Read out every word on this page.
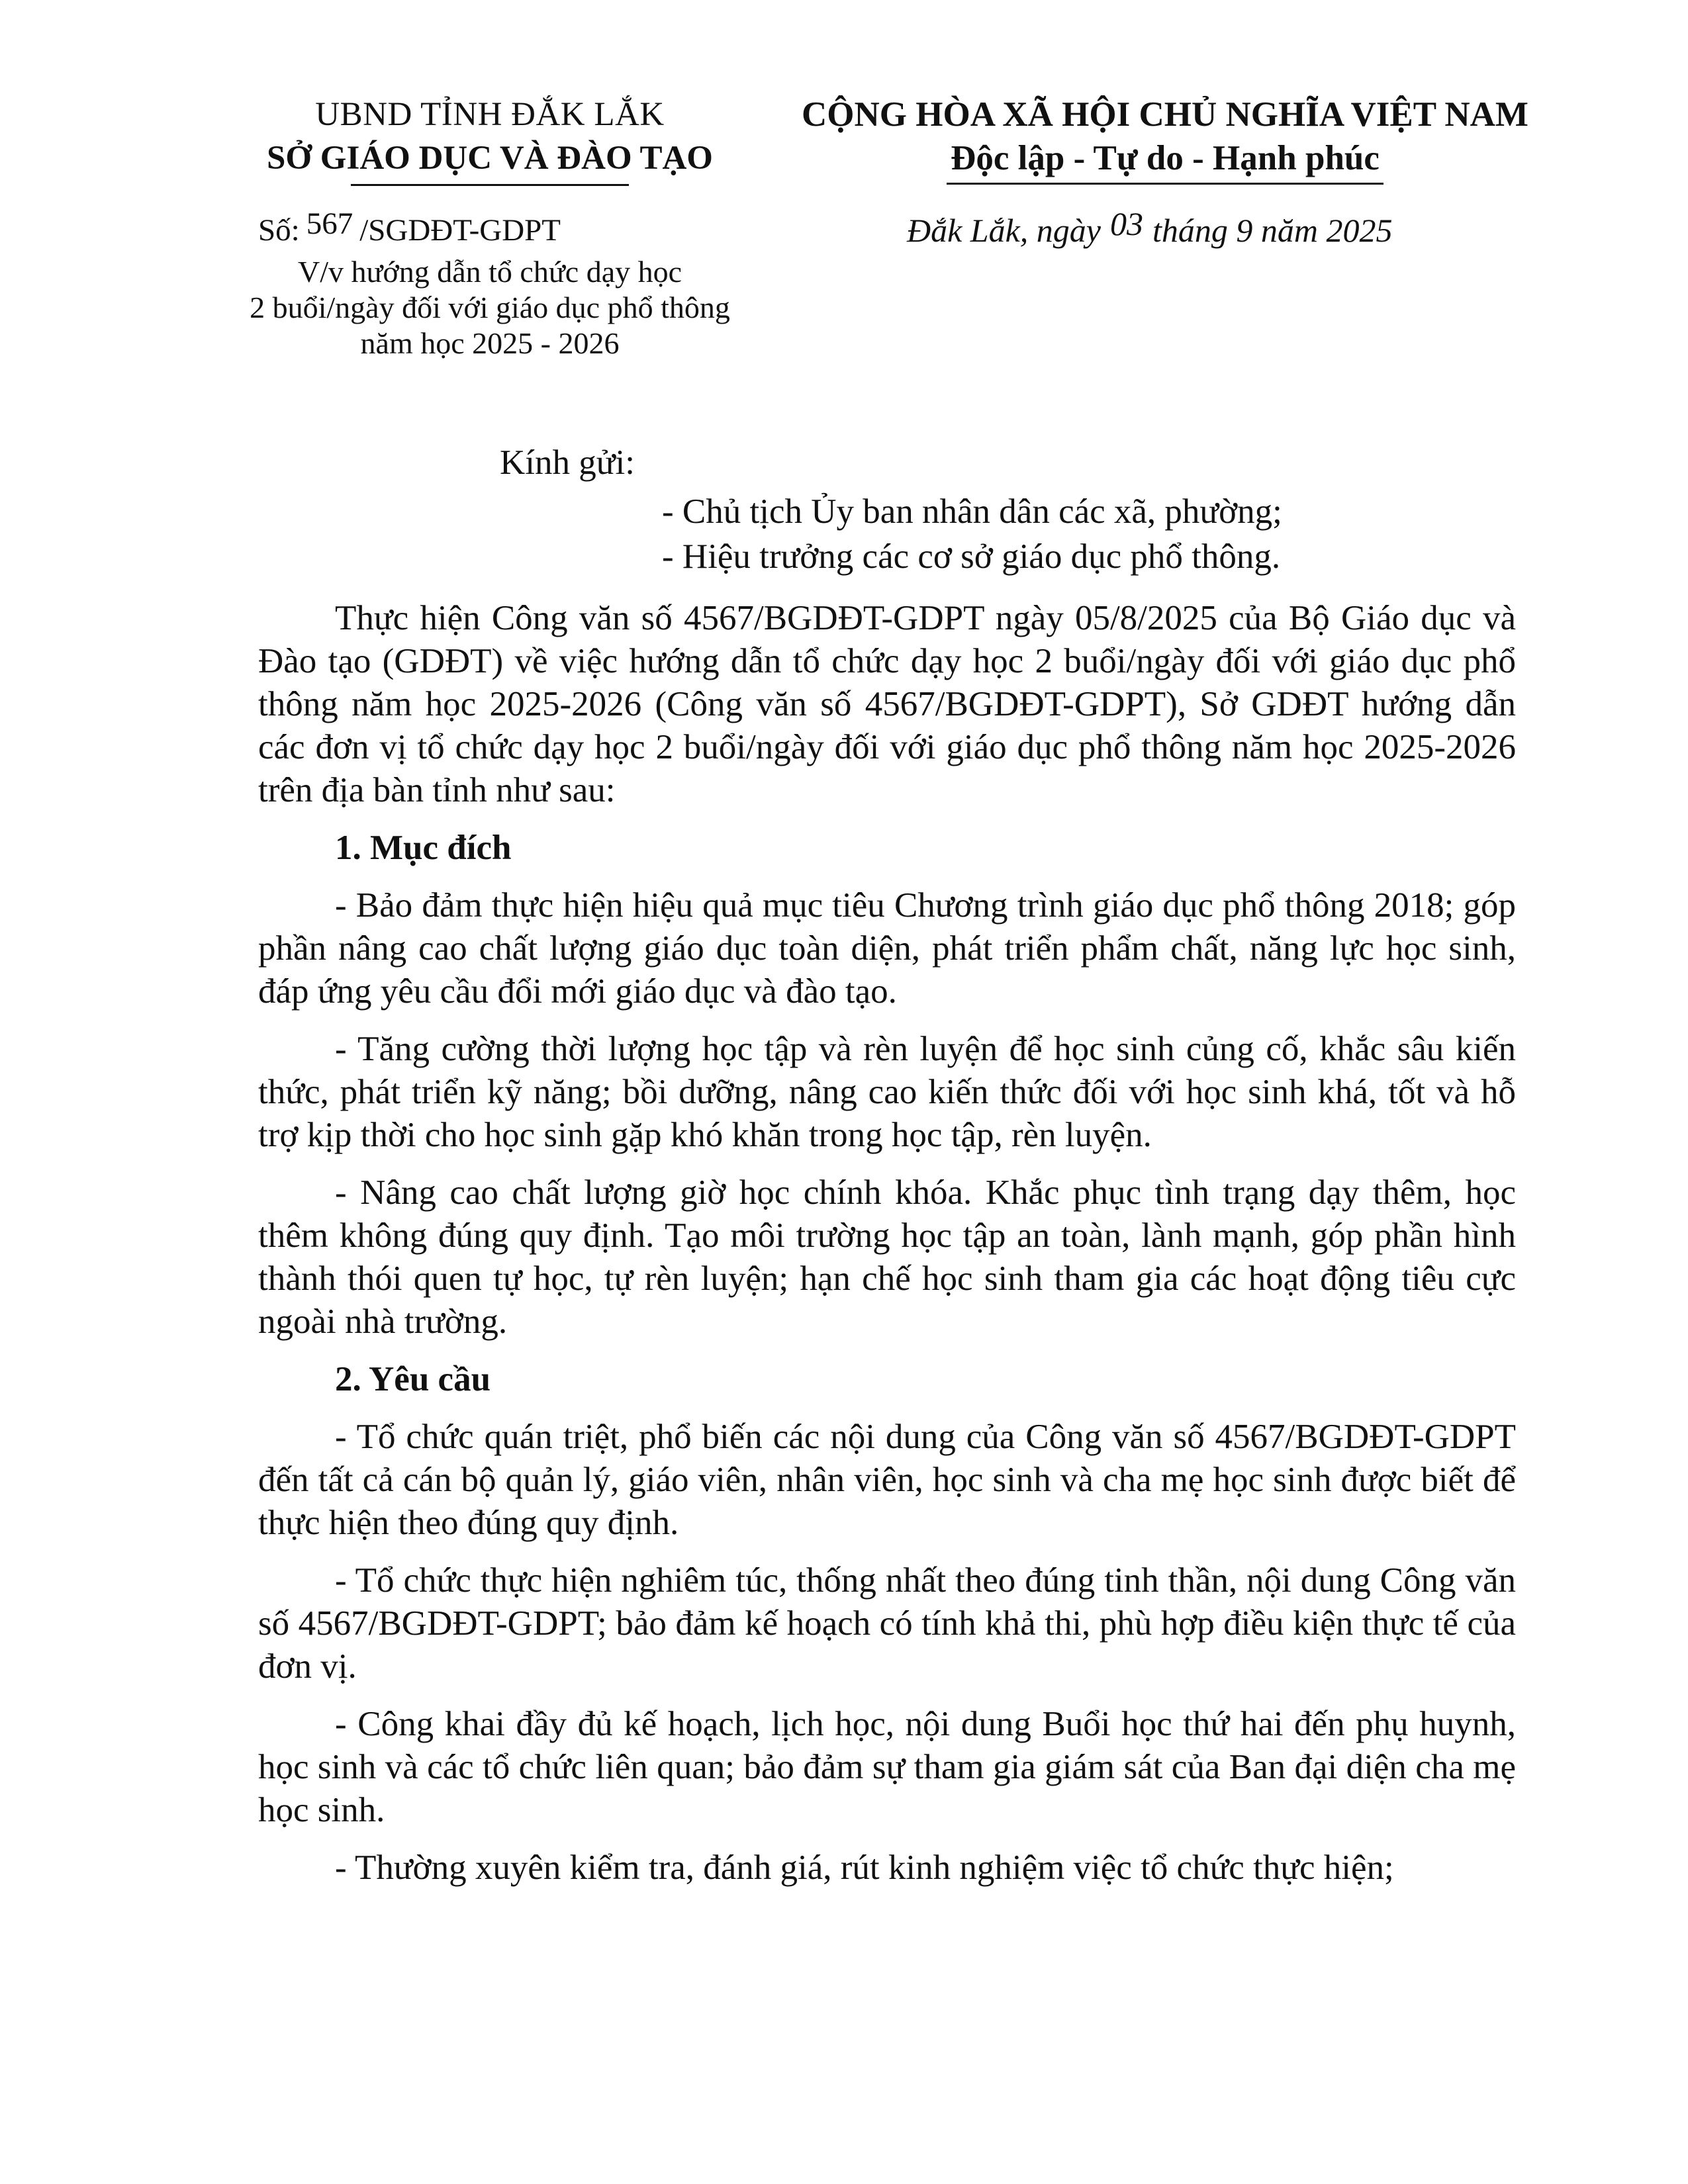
UBND TỈNH ĐẮK LẮK
SỞ GIÁO DỤC VÀ ĐÀO TẠO
Số: 567 /SGDĐT-GDPT
V/v hướng dẫn tổ chức dạy học
2 buổi/ngày đối với giáo dục phổ thông
năm học 2025 - 2026
CỘNG HÒA XÃ HỘI CHỦ NGHĨA VIỆT NAM
Độc lập - Tự do - Hạnh phúc
Đắk Lắk, ngày 03 tháng 9 năm 2025
Kính gửi:
- Chủ tịch Ủy ban nhân dân các xã, phường;
- Hiệu trưởng các cơ sở giáo dục phổ thông.

Thực hiện Công văn số 4567/BGDĐT-GDPT ngày 05/8/2025 của Bộ Giáo dục và Đào tạo (GDĐT) về việc hướng dẫn tổ chức dạy học 2 buổi/ngày đối với giáo dục phổ thông năm học 2025-2026 (Công văn số 4567/BGDĐT-GDPT), Sở GDĐT hướng dẫn các đơn vị tổ chức dạy học 2 buổi/ngày đối với giáo dục phổ thông năm học 2025-2026 trên địa bàn tỉnh như sau:

1. Mục đích

- Bảo đảm thực hiện hiệu quả mục tiêu Chương trình giáo dục phổ thông 2018; góp phần nâng cao chất lượng giáo dục toàn diện, phát triển phẩm chất, năng lực học sinh, đáp ứng yêu cầu đổi mới giáo dục và đào tạo.

- Tăng cường thời lượng học tập và rèn luyện để học sinh củng cố, khắc sâu kiến thức, phát triển kỹ năng; bồi dưỡng, nâng cao kiến thức đối với học sinh khá, tốt và hỗ trợ kịp thời cho học sinh gặp khó khăn trong học tập, rèn luyện.

- Nâng cao chất lượng giờ học chính khóa. Khắc phục tình trạng dạy thêm, học thêm không đúng quy định. Tạo môi trường học tập an toàn, lành mạnh, góp phần hình thành thói quen tự học, tự rèn luyện; hạn chế học sinh tham gia các hoạt động tiêu cực ngoài nhà trường.

2. Yêu cầu

- Tổ chức quán triệt, phổ biến các nội dung của Công văn số 4567/BGDĐT-GDPT đến tất cả cán bộ quản lý, giáo viên, nhân viên, học sinh và cha mẹ học sinh được biết để thực hiện theo đúng quy định.

- Tổ chức thực hiện nghiêm túc, thống nhất theo đúng tinh thần, nội dung Công văn số 4567/BGDĐT-GDPT; bảo đảm kế hoạch có tính khả thi, phù hợp điều kiện thực tế của đơn vị.

- Công khai đầy đủ kế hoạch, lịch học, nội dung Buổi học thứ hai đến phụ huynh, học sinh và các tổ chức liên quan; bảo đảm sự tham gia giám sát của Ban đại diện cha mẹ học sinh.

- Thường xuyên kiểm tra, đánh giá, rút kinh nghiệm việc tổ chức thực hiện;
